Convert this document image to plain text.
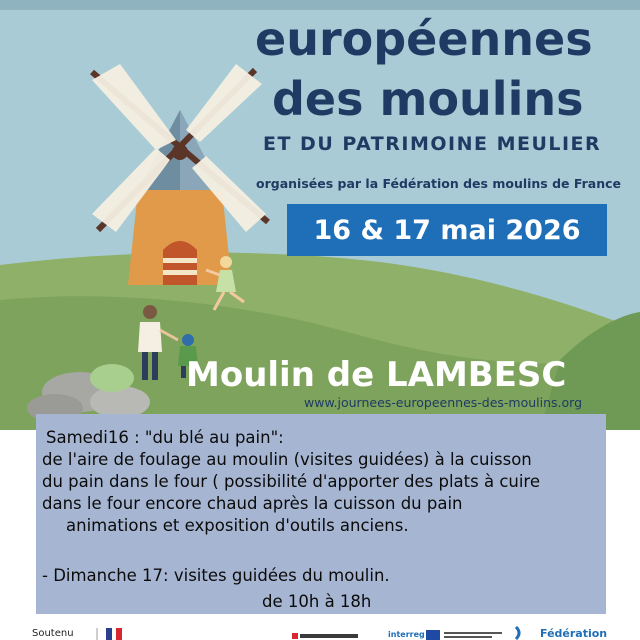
européennes
des moulins
ET DU PATRIMOINE MEULIER
organisées par la Fédération des moulins de France
16 & 17 mai 2026
Moulin de LAMBESC
www.journees-europeennes-des-moulins.org

Samedi16 : "du blé au pain":

de l'aire de foulage au moulin (visites guidées) à la cuisson

du pain dans le four ( possibilité d'apporter des plats à cuire

dans le four encore chaud après la cuisson du pain

animations et exposition d'outils anciens.

- Dimanche 17: visites guidées du moulin.

de 10h à 18h

Soutenu	interreg	Fédération
